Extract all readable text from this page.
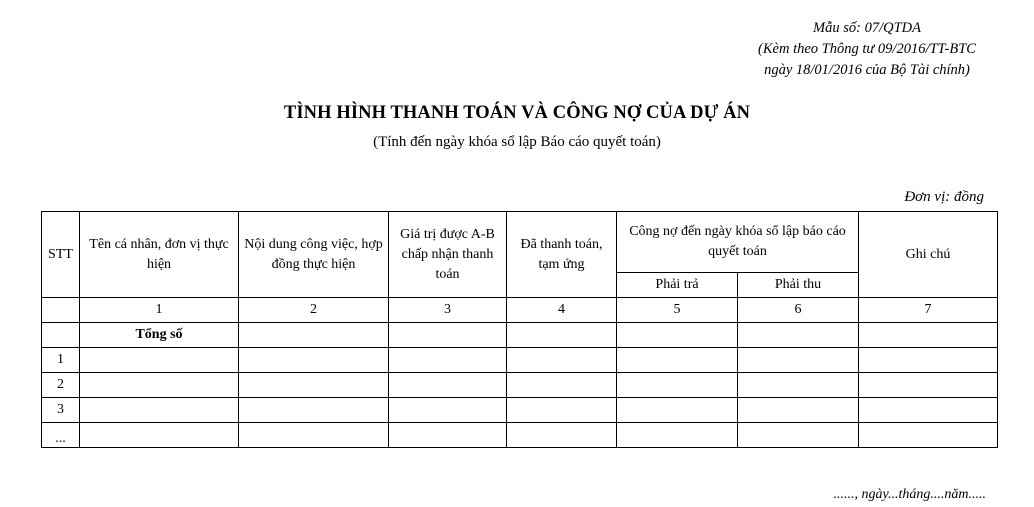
Mẫu số: 07/QTDA
(Kèm theo Thông tư 09/2016/TT-BTC
ngày 18/01/2016 của Bộ Tài chính)
TÌNH HÌNH THANH TOÁN VÀ CÔNG NỢ CỦA DỰ ÁN
(Tính đến ngày khóa sổ lập Báo cáo quyết toán)
Đơn vị: đồng
STT	Tên cá nhân, đơn vị thực hiện	Nội dung công việc, hợp đồng thực hiện	Giá trị được A-B chấp nhận thanh toán	Đã thanh toán, tạm ứng	Công nợ đến ngày khóa sổ lập báo cáo quyết toán		Ghi chú
					Phải trả	Phải thu	
	1	2	3	4	5	6	7
	Tổng số						
1							
2							
3							
...							
......, ngày...tháng....năm.....
